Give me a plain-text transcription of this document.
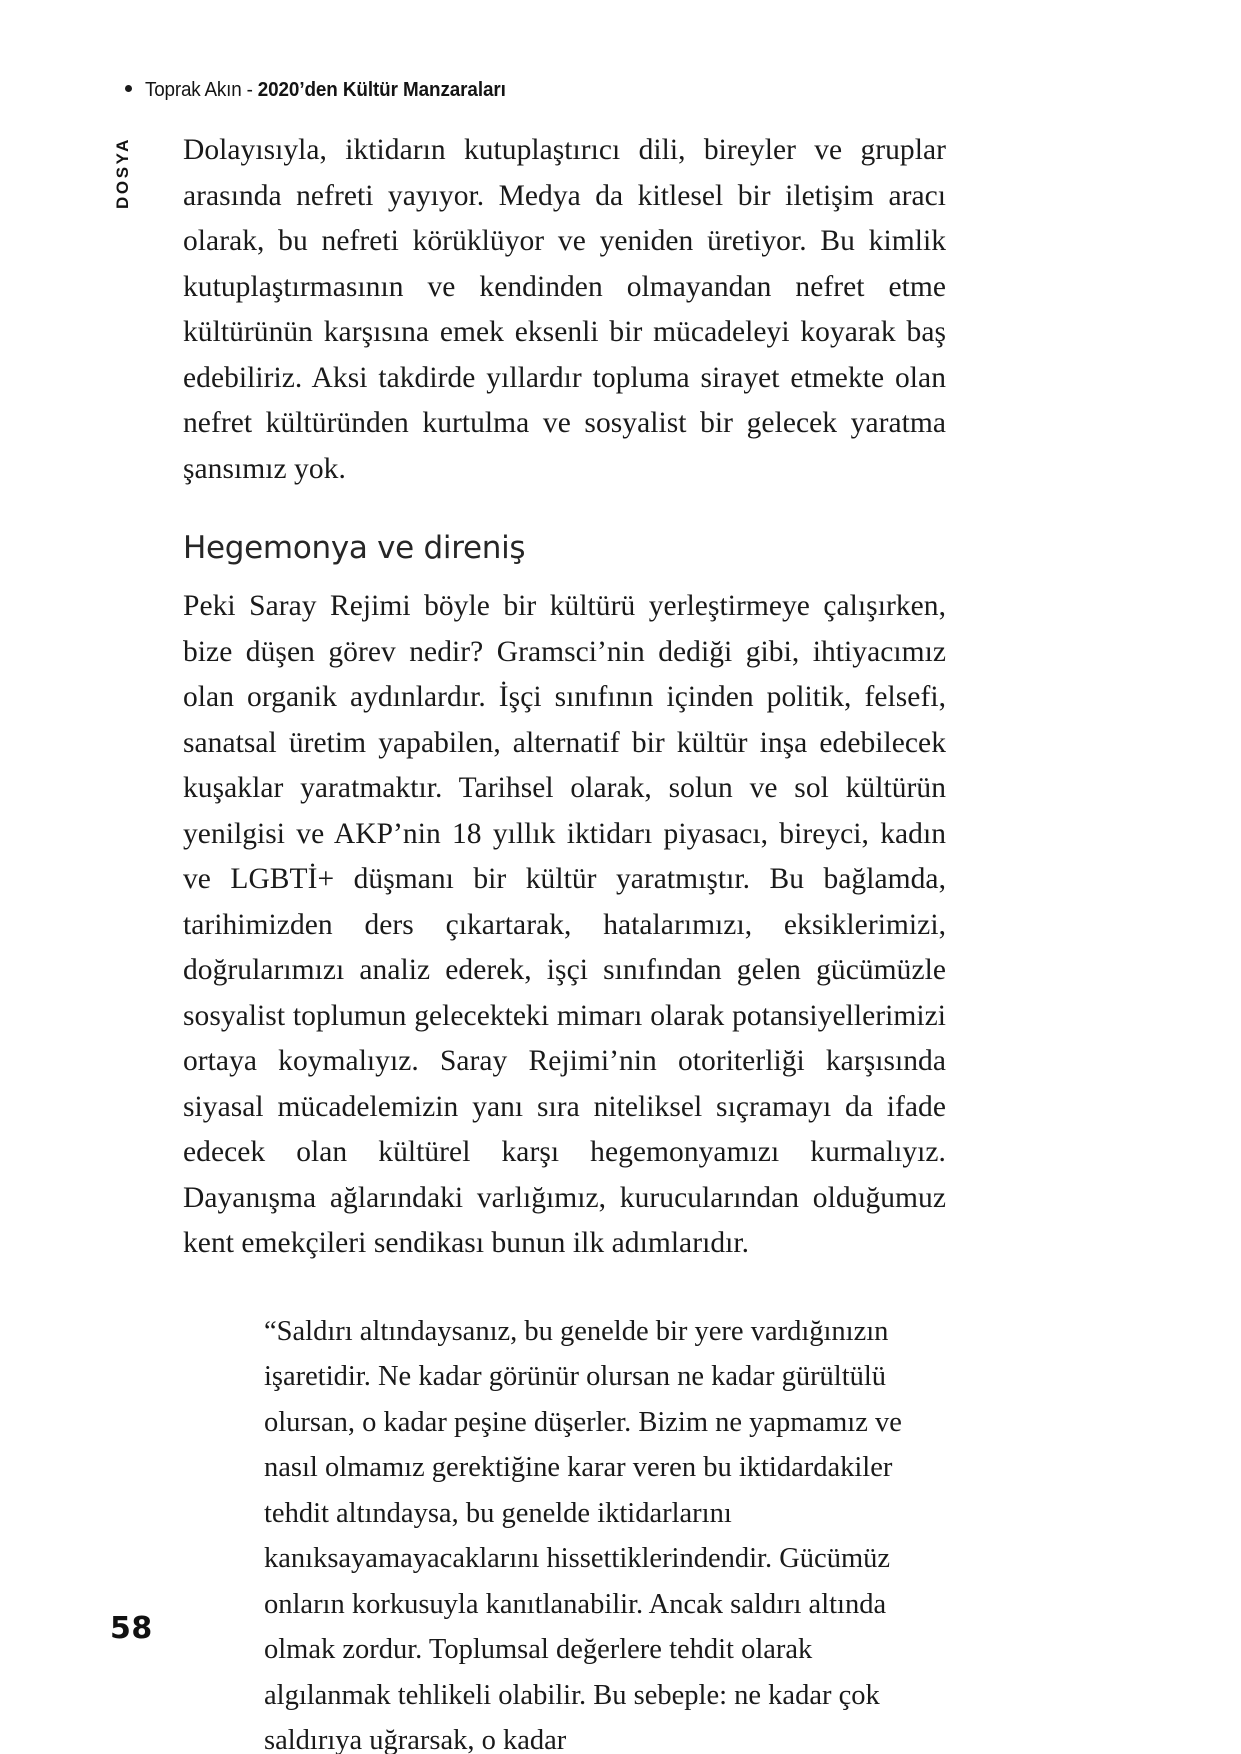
Toprak Akın - 2020’den Kültür Manzaraları
DOSYA Dolayısıyla, iktidarın kutuplaştırıcı dili, bireyler ve gruplar arasında nefreti yayıyor. Medya da kitlesel bir iletişim aracı olarak, bu nefreti körüklüyor ve yeniden üretiyor. Bu kimlik kutuplaştırmasının ve kendinden olmayandan nefret etme kültürünün karşısına emek eksenli bir mücadeleyi koyarak baş edebiliriz. Aksi takdirde yıllardır topluma sirayet etmekte olan nefret kültüründen kurtulma ve sosyalist bir gelecek yaratma şansımız yok.

Hegemonya ve direniş

Peki Saray Rejimi böyle bir kültürü yerleştirmeye çalışırken, bize düşen görev nedir? Gramsci’nin dediği gibi, ihtiyacımız olan organik aydınlardır. İşçi sınıfının içinden politik, felsefi, sanatsal üretim yapabilen, alternatif bir kültür inşa edebilecek kuşaklar yaratmaktır. Tarihsel olarak, solun ve sol kültürün yenilgisi ve AKP’nin 18 yıllık iktidarı piyasacı, bireyci, kadın ve LGBTİ+ düşmanı bir kültür yaratmıştır. Bu bağlamda, tarihimizden ders çıkartarak, hatalarımızı, eksiklerimizi, doğrularımızı analiz ederek, işçi sınıfından gelen gücümüzle sosyalist toplumun gelecekteki mimarı olarak potansiyellerimizi ortaya koymalıyız. Saray Rejimi’nin otoriterliği karşısında siyasal mücadelemizin yanı sıra niteliksel sıçramayı da ifade edecek olan kültürel karşı hegemonyamızı kurmalıyız. Dayanışma ağlarındaki varlığımız, kurucularından olduğumuz kent emekçileri sendikası bunun ilk adımlarıdır.

“Saldırı altındaysanız, bu genelde bir yere vardığınızın işaretidir. Ne kadar görünür olursan ne kadar gürültülü olursan, o kadar peşine düşerler. Bizim ne yapmamız ve nasıl olmamız gerektiğine karar veren bu iktidardakiler tehdit altındaysa, bu genelde iktidarlarını kanıksayamayacaklarını hissettiklerindendir. Gücümüz onların korkusuyla kanıtlanabilir. Ancak saldırı altında olmak zordur. Toplumsal değerlere tehdit olarak algılanmak tehlikeli olabilir. Bu sebeple: ne kadar çok saldırıya uğrarsak, o kadar

58
